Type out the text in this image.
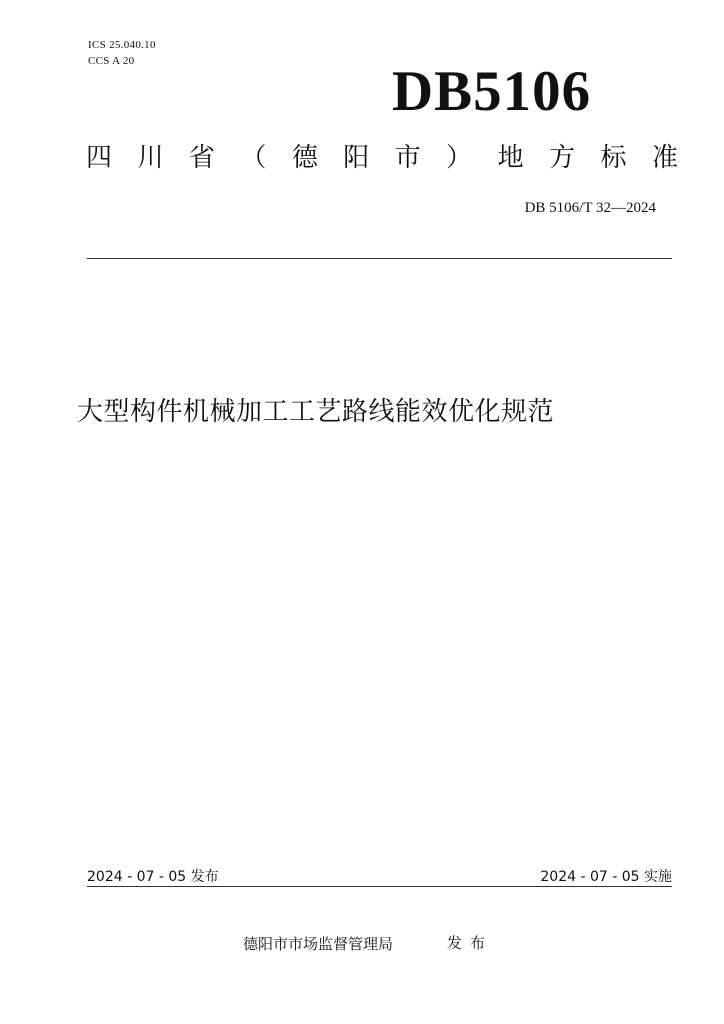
ICS 25.040.10
CCS A 20	DB5106
四 川 省 （ 德 阳 市 ） 地 方 标 准
DB 5106/T 32—2024
大型构件机械加工工艺路线能效优化规范
2024 - 07 - 05 发布	2024 - 07 - 05 实施
德阳市市场监督管理局	发布
